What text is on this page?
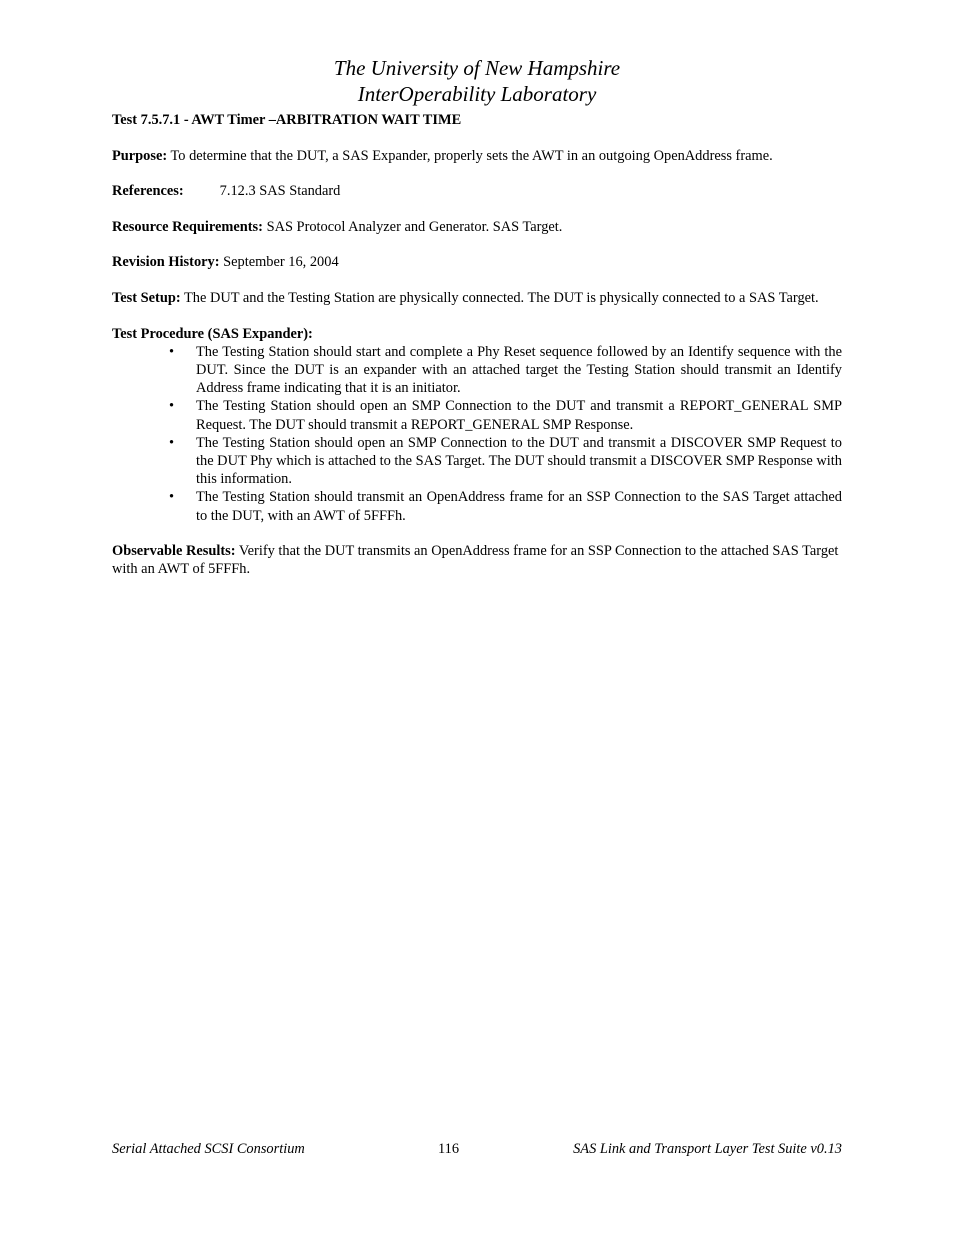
The University of New Hampshire
InterOperability Laboratory
Test 7.5.7.1 - AWT Timer –ARBITRATION WAIT TIME
Purpose: To determine that the DUT, a SAS Expander, properly sets the AWT in an outgoing OpenAddress frame.
References:	7.12.3 SAS Standard
Resource Requirements: SAS Protocol Analyzer and Generator. SAS Target.
Revision History: September 16, 2004
Test Setup: The DUT and the Testing Station are physically connected. The DUT is physically connected to a SAS Target.
Test Procedure (SAS Expander):
• The Testing Station should start and complete a Phy Reset sequence followed by an Identify sequence with the DUT. Since the DUT is an expander with an attached target the Testing Station should transmit an Identify Address frame indicating that it is an initiator.
• The Testing Station should open an SMP Connection to the DUT and transmit a REPORT_GENERAL SMP Request. The DUT should transmit a REPORT_GENERAL SMP Response.
• The Testing Station should open an SMP Connection to the DUT and transmit a DISCOVER SMP Request to the DUT Phy which is attached to the SAS Target. The DUT should transmit a DISCOVER SMP Response with this information.
• The Testing Station should transmit an OpenAddress frame for an SSP Connection to the SAS Target attached to the DUT, with an AWT of 5FFFh.
Observable Results: Verify that the DUT transmits an OpenAddress frame for an SSP Connection to the attached SAS Target with an AWT of 5FFFh.
Serial Attached SCSI Consortium	116	SAS Link and Transport Layer Test Suite v0.13
